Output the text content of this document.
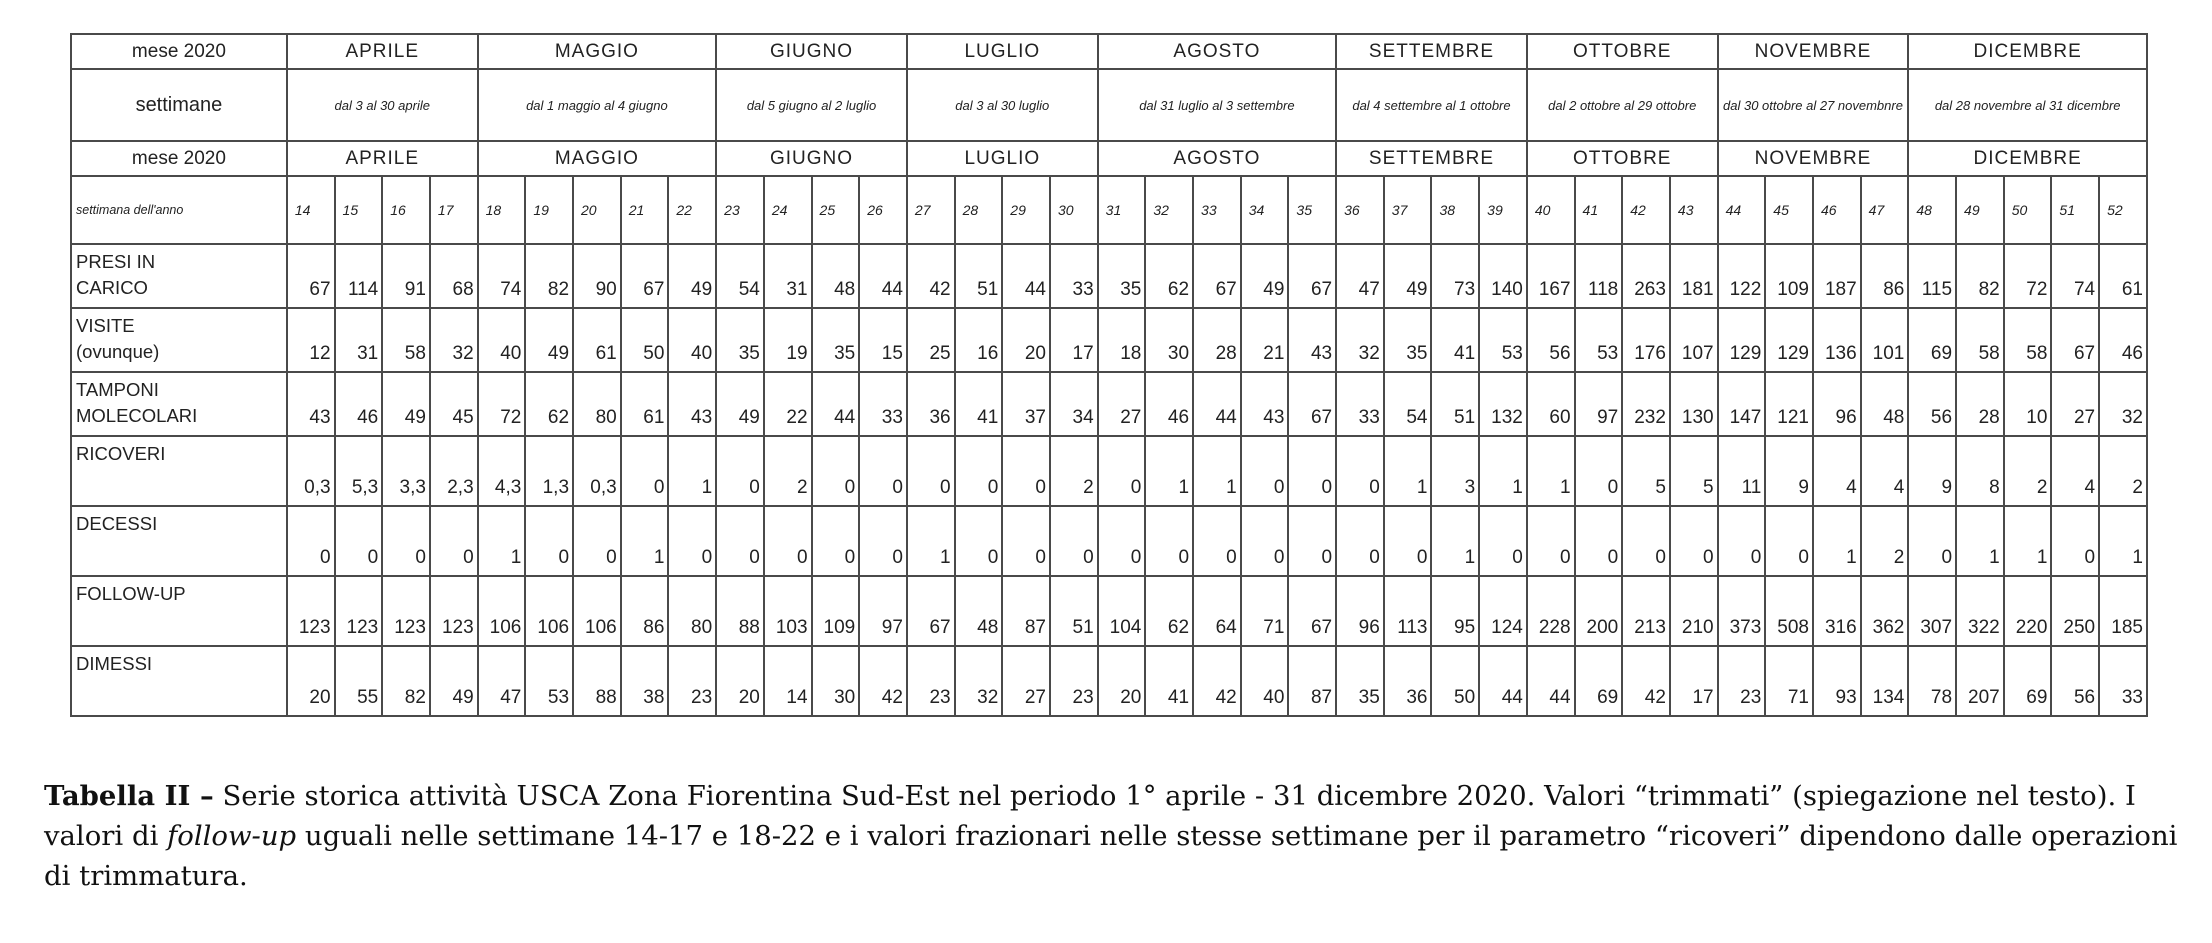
mese 2020	APRILE				MAGGIO					GIUGNO				LUGLIO				AGOSTO					SETTEMBRE				OTTOBRE				NOVEMBRE				DICEMBRE				
settimane	dal 3 al 30 aprile				dal 1 maggio al 4 giugno					dal 5 giugno al 2 luglio				dal 3 al 30 luglio				dal 31 luglio al 3 settembre					dal 4 settembre al 1 ottobre				dal 2 ottobre al 29 ottobre				dal 30 ottobre al 27 novembnre				dal 28 novembre al 31 dicembre				
mese 2020	APRILE				MAGGIO					GIUGNO				LUGLIO				AGOSTO					SETTEMBRE				OTTOBRE				NOVEMBRE				DICEMBRE				
settimana dell'anno	14	15	16	17	18	19	20	21	22	23	24	25	26	27	28	29	30	31	32	33	34	35	36	37	38	39	40	41	42	43	44	45	46	47	48	49	50	51	52
PRESI IN
CARICO	67	114	91	68	74	82	90	67	49	54	31	48	44	42	51	44	33	35	62	67	49	67	47	49	73	140	167	118	263	181	122	109	187	86	115	82	72	74	61
VISITE
(ovunque)	12	31	58	32	40	49	61	50	40	35	19	35	15	25	16	20	17	18	30	28	21	43	32	35	41	53	56	53	176	107	129	129	136	101	69	58	58	67	46
TAMPONI
MOLECOLARI	43	46	49	45	72	62	80	61	43	49	22	44	33	36	41	37	34	27	46	44	43	67	33	54	51	132	60	97	232	130	147	121	96	48	56	28	10	27	32
RICOVERI	0,3	5,3	3,3	2,3	4,3	1,3	0,3	0	1	0	2	0	0	0	0	0	2	0	1	1	0	0	0	1	3	1	1	0	5	5	11	9	4	4	9	8	2	4	2
DECESSI	0	0	0	0	1	0	0	1	0	0	0	0	0	1	0	0	0	0	0	0	0	0	0	0	1	0	0	0	0	0	0	0	1	2	0	1	1	0	1
FOLLOW-UP	123	123	123	123	106	106	106	86	80	88	103	109	97	67	48	87	51	104	62	64	71	67	96	113	95	124	228	200	213	210	373	508	316	362	307	322	220	250	185
DIMESSI	20	55	82	49	47	53	88	38	23	20	14	30	42	23	32	27	23	20	41	42	40	87	35	36	50	44	44	69	42	17	23	71	93	134	78	207	69	56	33
Tabella II – Serie storica attività USCA Zona Fiorentina Sud-Est nel periodo 1° aprile - 31 dicembre 2020. Valori “trimmati” (spiegazione nel testo). I valori di follow-up uguali nelle settimane 14-17 e 18-22 e i valori frazionari nelle stesse settimane per il parametro “ricoveri” dipendono dalle operazioni di trimmatura.
